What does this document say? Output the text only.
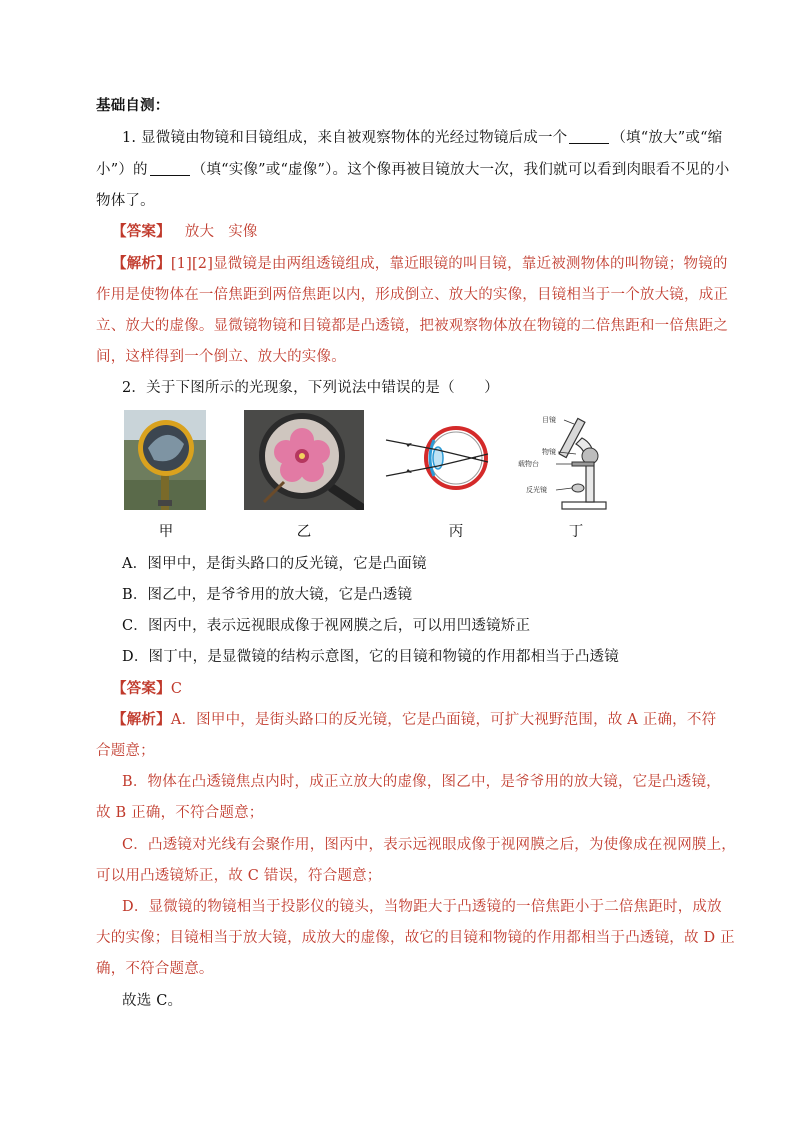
基础自测：
1. 显微镜由物镜和目镜组成，来自被观察物体的光经过物镜后成一个	（填“放大”或“缩
小”）的	（填“实像”或“虚像”）。这个像再被目镜放大一次，我们就可以看到肉眼看不见的小
物体了。
【答案】 放大 实像
【解析】[1][2]显微镜是由两组透镜组成，靠近眼镜的叫目镜，靠近被测物体的叫物镜；物镜的
作用是使物体在一倍焦距到两倍焦距以内，形成倒立、放大的实像，目镜相当于一个放大镜，成正
立、放大的虚像。显微镜物镜和目镜都是凸透镜，把被观察物体放在物镜的二倍焦距和一倍焦距之
间，这样得到一个倒立、放大的实像。
2．关于下图所示的光现象，下列说法中错误的是（　　）
目镜
物镜
载物台
反光镜
甲	乙	丙	丁
A．图甲中，是街头路口的反光镜，它是凸面镜
B．图乙中，是爷爷用的放大镜，它是凸透镜
C．图丙中，表示远视眼成像于视网膜之后，可以用凹透镜矫正
D．图丁中，是显微镜的结构示意图，它的目镜和物镜的作用都相当于凸透镜
【答案】C
【解析】A．图甲中，是街头路口的反光镜，它是凸面镜，可扩大视野范围，故 A 正确，不符
合题意；
B．物体在凸透镜焦点内时，成正立放大的虚像，图乙中，是爷爷用的放大镜，它是凸透镜，
故 B 正确，不符合题意；
C．凸透镜对光线有会聚作用，图丙中，表示远视眼成像于视网膜之后，为使像成在视网膜上，
可以用凸透镜矫正，故 C 错误，符合题意；
D．显微镜的物镜相当于投影仪的镜头，当物距大于凸透镜的一倍焦距小于二倍焦距时，成放
大的实像；目镜相当于放大镜，成放大的虚像，故它的目镜和物镜的作用都相当于凸透镜，故 D 正
确，不符合题意。
故选 C。
